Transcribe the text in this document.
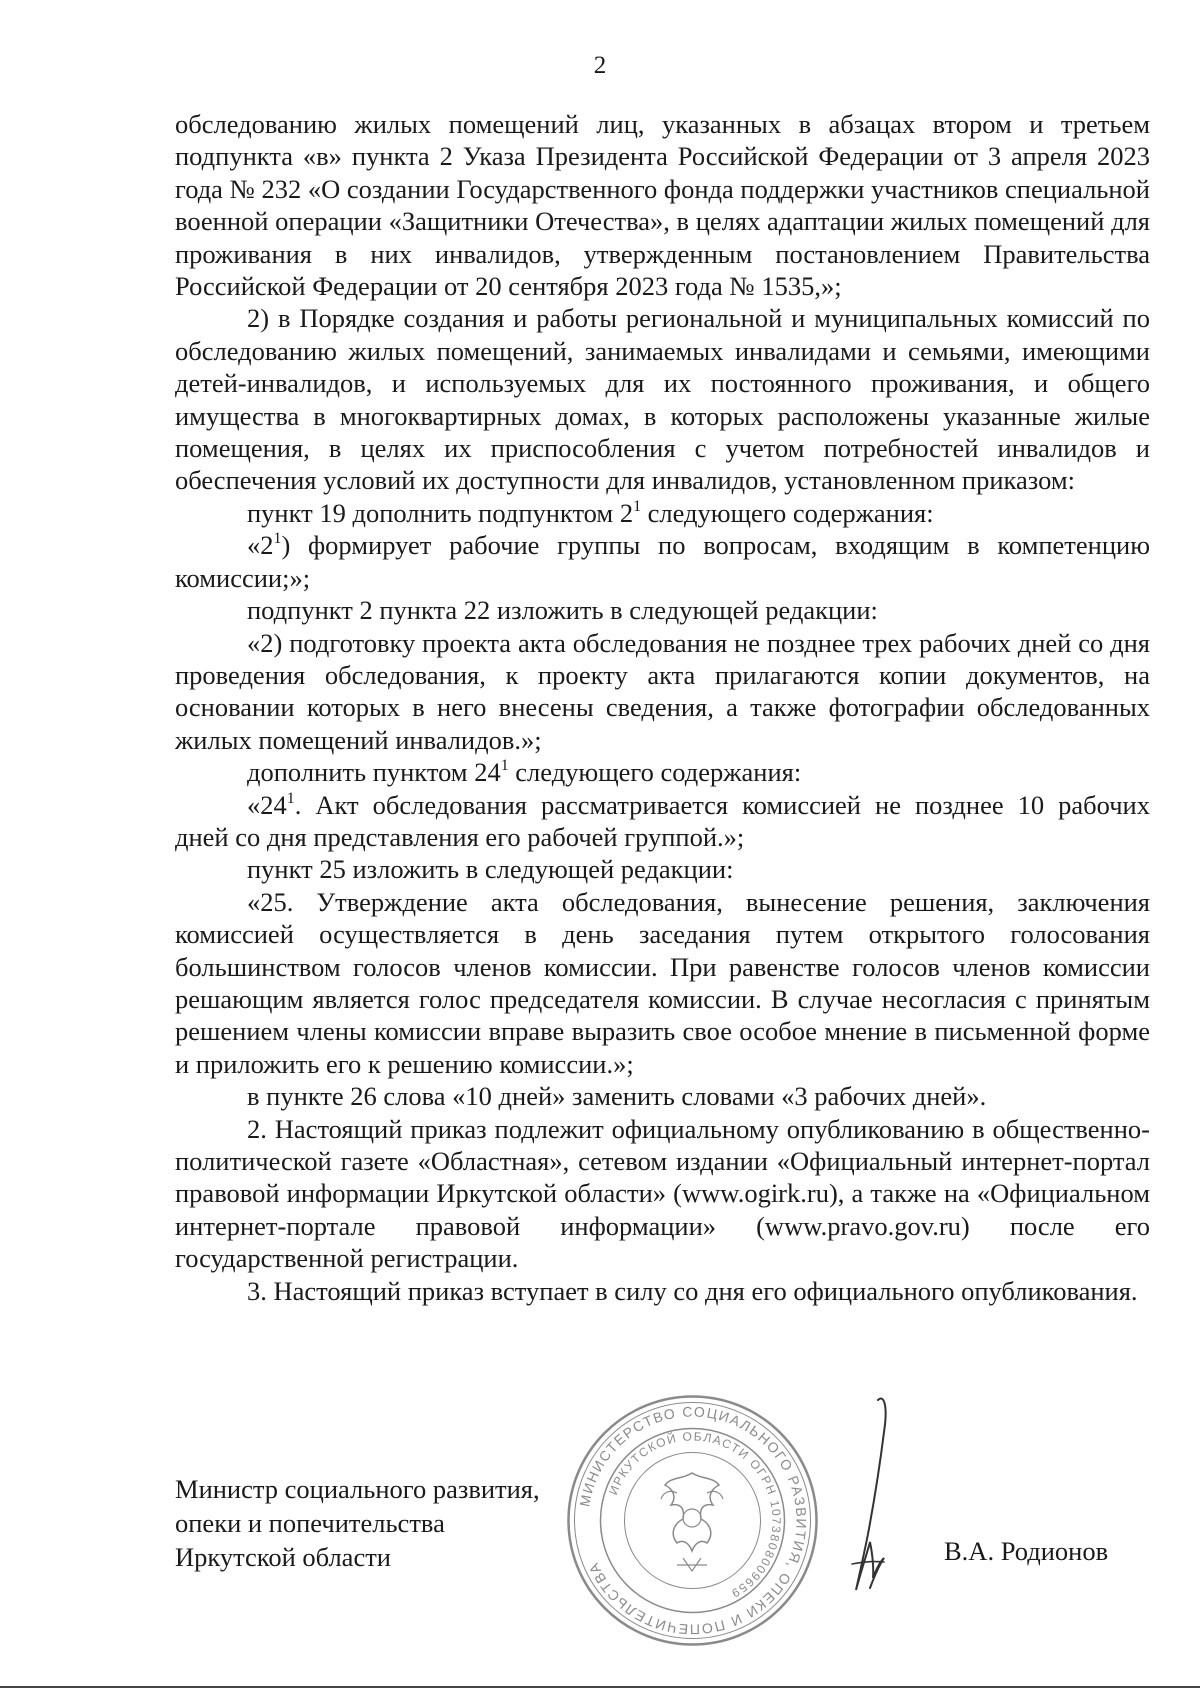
2

обследованию жилых помещений лиц, указанных в абзацах втором и третьем подпункта «в» пункта 2 Указа Президента Российской Федерации от 3 апреля 2023 года № 232 «О создании Государственного фонда поддержки участников специальной военной операции «Защитники Отечества», в целях адаптации жилых помещений для проживания в них инвалидов, утвержденным постановлением Правительства Российской Федерации от 20 сентября 2023 года № 1535,»;

2) в Порядке создания и работы региональной и муниципальных комиссий по обследованию жилых помещений, занимаемых инвалидами и семьями, имеющими детей-инвалидов, и используемых для их постоянного проживания, и общего имущества в многоквартирных домах, в которых расположены указанные жилые помещения, в целях их приспособления с учетом потребностей инвалидов и обеспечения условий их доступности для инвалидов, установленном приказом:

пункт 19 дополнить подпунктом $2^1$ следующего содержания:

«$2^1$) формирует рабочие группы по вопросам, входящим в компетенцию комиссии;»;

подпункт 2 пункта 22 изложить в следующей редакции:

«2) подготовку проекта акта обследования не позднее трех рабочих дней со дня проведения обследования, к проекту акта прилагаются копии документов, на основании которых в него внесены сведения, а также фотографии обследованных жилых помещений инвалидов.»;

дополнить пунктом $24^1$ следующего содержания:

«$24^1$. Акт обследования рассматривается комиссией не позднее 10 рабочих дней со дня представления его рабочей группой.»;

пункт 25 изложить в следующей редакции:

«25. Утверждение акта обследования, вынесение решения, заключения комиссией осуществляется в день заседания путем открытого голосования большинством голосов членов комиссии. При равенстве голосов членов комиссии решающим является голос председателя комиссии. В случае несогласия с принятым решением члены комиссии вправе выразить свое особое мнение в письменной форме и приложить его к решению комиссии.»;

в пункте 26 слова «10 дней» заменить словами «3 рабочих дней».

2. Настоящий приказ подлежит официальному опубликованию в общественно-политической газете «Областная», сетевом издании «Официальный интернет-портал правовой информации Иркутской области» (www.ogirk.ru), а также на «Официальном интернет-портале правовой информации» (www.pravo.gov.ru) после его государственной регистрации.

3. Настоящий приказ вступает в силу со дня его официального опубликования.

Министр социального развития,
опеки и попечительства
Иркутской области
МИНИСТЕРСТВО СОЦИАЛЬНОГО РАЗВИТИЯ, ОПЕКИ И ПОПЕЧИТЕЛЬСТВА
ИРКУТСКОЙ ОБЛАСТИ ОГРН 1073808009659
В.А. Родионов
